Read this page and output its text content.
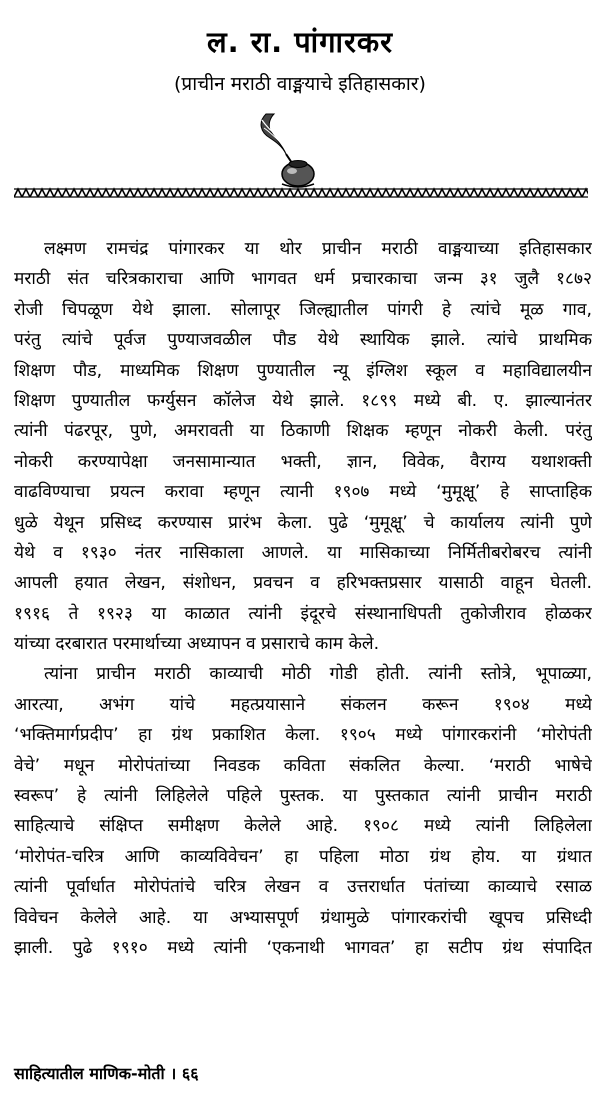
ल. रा. पांगारकर
(प्राचीन मराठी वाङ्मयाचे इतिहासकार)
लक्ष्मण रामचंद्र पांगारकर या थोर प्राचीन मराठी वाङ्मयाच्या इतिहासकार
मराठी संत चरित्रकाराचा आणि भागवत धर्म प्रचारकाचा जन्म ३१ जुलै १८७२
रोजी चिपळूण येथे झाला. सोलापूर जिल्ह्यातील पांगरी हे त्यांचे मूळ गाव,
परंतु त्यांचे पूर्वज पुण्याजवळील पौड येथे स्थायिक झाले. त्यांचे प्राथमिक
शिक्षण पौड, माध्यमिक शिक्षण पुण्यातील न्यू इंग्लिश स्कूल व महाविद्यालयीन
शिक्षण पुण्यातील फर्ग्युसन कॉलेज येथे झाले. १८९९ मध्ये बी. ए. झाल्यानंतर
त्यांनी पंढरपूर, पुणे, अमरावती या ठिकाणी शिक्षक म्हणून नोकरी केली. परंतु
नोकरी करण्यापेक्षा जनसामान्यात भक्ती, ज्ञान, विवेक, वैराग्य यथाशक्ती
वाढविण्याचा प्रयत्न करावा म्हणून त्यानी १९०७ मध्ये ‘मुमूक्षू’ हे साप्ताहिक
धुळे येथून प्रसिध्द करण्यास प्रारंभ केला. पुढे ‘मुमूक्षू’ चे कार्यालय त्यांनी पुणे
येथे व १९३० नंतर नासिकाला आणले. या मासिकाच्या निर्मितीबरोबरच त्यांनी
आपली हयात लेखन, संशोधन, प्रवचन व हरिभक्तप्रसार यासाठी वाहून घेतली.
१९१६ ते १९२३ या काळात त्यांनी इंदूरचे संस्थानाधिपती तुकोजीराव होळकर
यांच्या दरबारात परमार्थाच्या अध्यापन व प्रसाराचे काम केले.
त्यांना प्राचीन मराठी काव्याची मोठी गोडी होती. त्यांनी स्तोत्रे, भूपाळ्या,
आरत्या, अभंग यांचे महत्प्रयासाने संकलन करून १९०४ मध्ये
‘भक्तिमार्गप्रदीप’ हा ग्रंथ प्रकाशित केला. १९०५ मध्ये पांगारकरांनी ‘मोरोपंती
वेचे’ मधून मोरोपंतांच्या निवडक कविता संकलित केल्या. ‘मराठी भाषेचे
स्वरूप’ हे त्यांनी लिहिलेले पहिले पुस्तक. या पुस्तकात त्यांनी प्राचीन मराठी
साहित्याचे संक्षिप्त समीक्षण केलेले आहे. १९०८ मध्ये त्यांनी लिहिलेला
‘मोरोपंत-चरित्र आणि काव्यविवेचन’ हा पहिला मोठा ग्रंथ होय. या ग्रंथात
त्यांनी पूर्वार्धात मोरोपंतांचे चरित्र लेखन व उत्तरार्धात पंतांच्या काव्याचे रसाळ
विवेचन केलेले आहे. या अभ्यासपूर्ण ग्रंथामुळे पांगारकरांची खूपच प्रसिध्दी
झाली. पुढे १९१० मध्ये त्यांनी ‘एकनाथी भागवत’ हा सटीप ग्रंथ संपादित
साहित्यातील माणिक-मोती । ६६
